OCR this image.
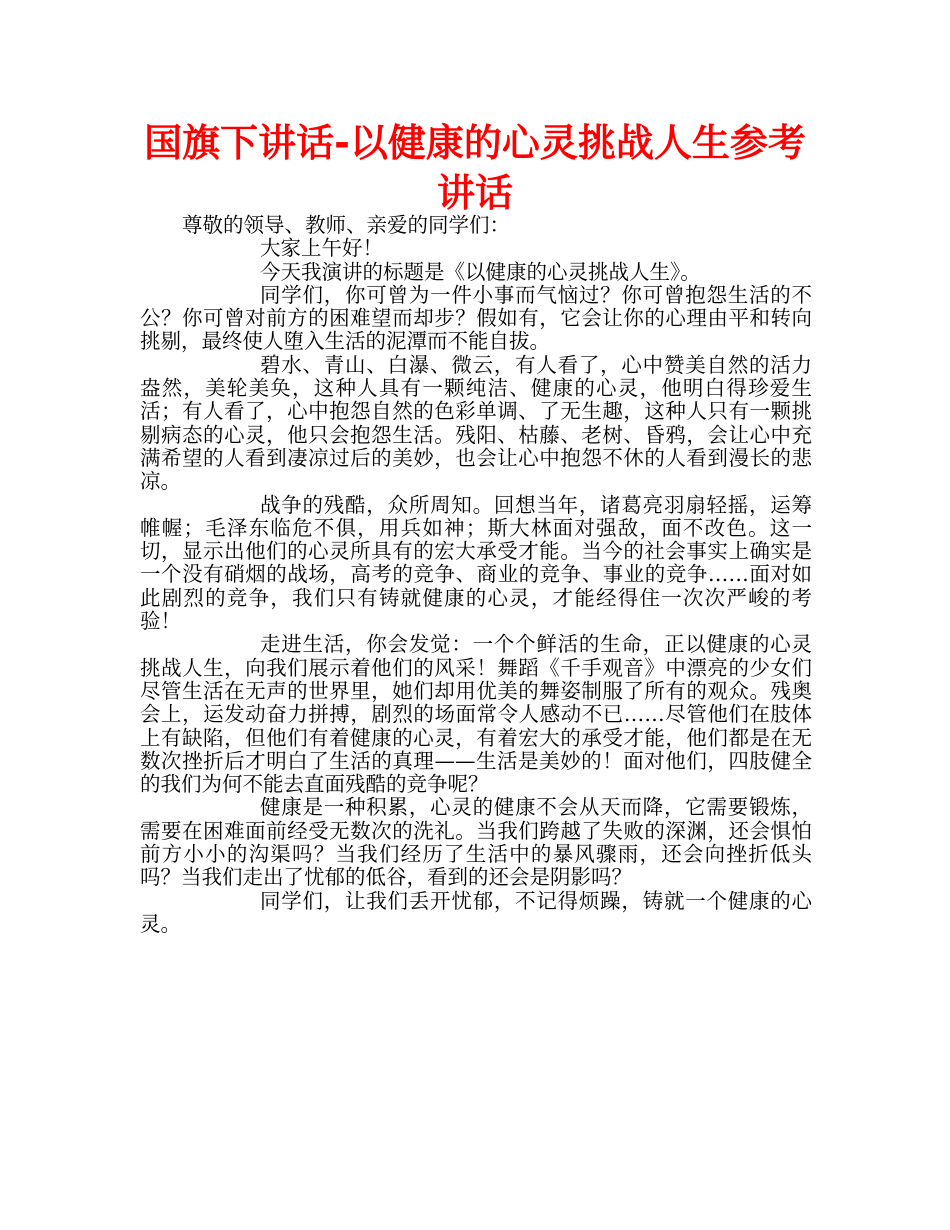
国旗下讲话-以健康的心灵挑战人生参考讲话

尊敬的领导、教师、亲爱的同学们：

大家上午好！

今天我演讲的标题是《以健康的心灵挑战人生》。

同学们，你可曾为一件小事而气恼过？你可曾抱怨生活的不公？你可曾对前方的困难望而却步？假如有，它会让你的心理由平和转向挑剔，最终使人堕入生活的泥潭而不能自拔。

碧水、青山、白瀑、微云，有人看了，心中赞美自然的活力盎然，美轮美奂，这种人具有一颗纯洁、健康的心灵，他明白得珍爱生活；有人看了，心中抱怨自然的色彩单调、了无生趣，这种人只有一颗挑剔病态的心灵，他只会抱怨生活。残阳、枯藤、老树、昏鸦，会让心中充满希望的人看到凄凉过后的美妙，也会让心中抱怨不休的人看到漫长的悲凉。

战争的残酷，众所周知。回想当年，诸葛亮羽扇轻摇，运筹帷幄；毛泽东临危不俱，用兵如神；斯大林面对强敌，面不改色。这一切，显示出他们的心灵所具有的宏大承受才能。当今的社会事实上确实是一个没有硝烟的战场，高考的竞争、商业的竞争、事业的竞争……面对如此剧烈的竞争，我们只有铸就健康的心灵，才能经得住一次次严峻的考验！

走进生活，你会发觉：一个个鲜活的生命，正以健康的心灵挑战人生，向我们展示着他们的风采！舞蹈《千手观音》中漂亮的少女们尽管生活在无声的世界里，她们却用优美的舞姿制服了所有的观众。残奥会上，运发动奋力拼搏，剧烈的场面常令人感动不已……尽管他们在肢体上有缺陷，但他们有着健康的心灵，有着宏大的承受才能，他们都是在无数次挫折后才明白了生活的真理——生活是美妙的！面对他们，四肢健全的我们为何不能去直面残酷的竞争呢？

健康是一种积累，心灵的健康不会从天而降，它需要锻炼，需要在困难面前经受无数次的洗礼。当我们跨越了失败的深渊，还会惧怕前方小小的沟渠吗？当我们经历了生活中的暴风骤雨，还会向挫折低头吗？当我们走出了忧郁的低谷，看到的还会是阴影吗？

同学们，让我们丢开忧郁，不记得烦躁，铸就一个健康的心灵。
